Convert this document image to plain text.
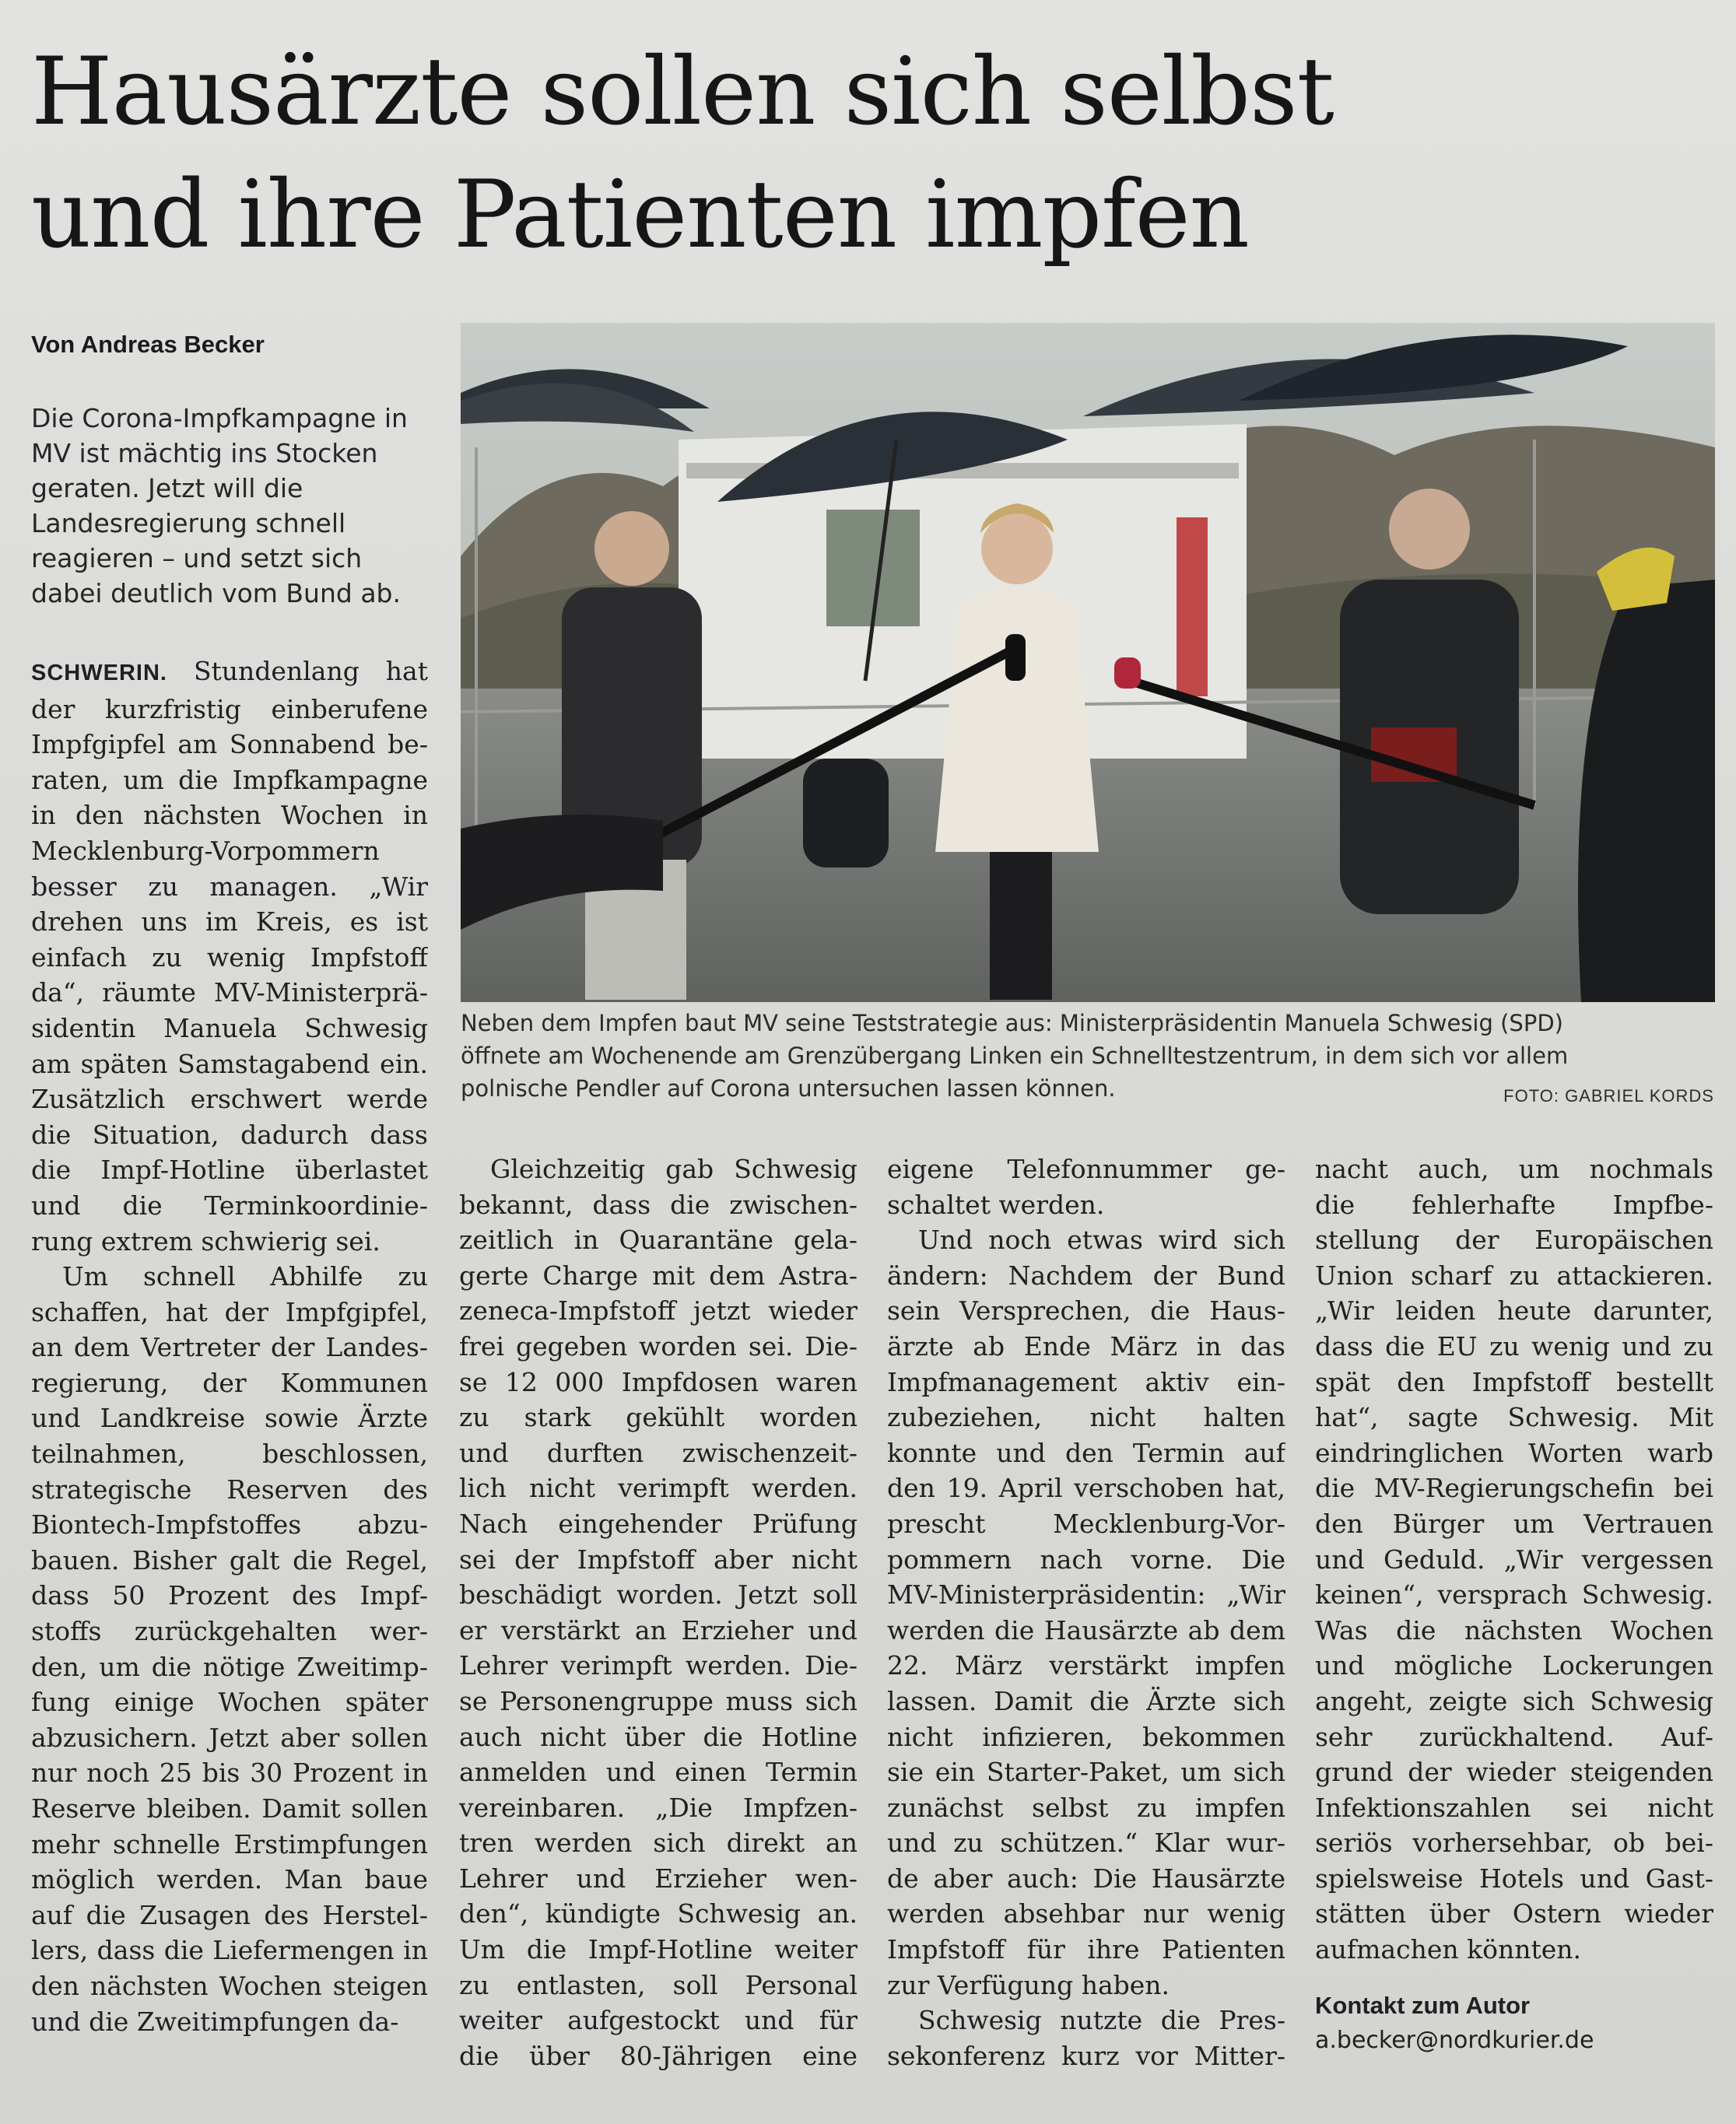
Hausärzte sollen sich selbst
und ihre Patienten impfen
Von Andreas Becker
Die Corona-Impfkampagne in
MV ist mächtig ins Stocken
geraten. Jetzt will die
Landesregierung schnell
reagieren – und setzt sich
dabei deutlich vom Bund ab.
Neben dem Impfen baut MV seine Teststrategie aus: Ministerpräsidentin Manuela Schwesig (SPD)
öffnete am Wochenende am Grenzübergang Linken ein Schnelltestzentrum, in dem sich vor allem
polnische Pendler auf Corona untersuchen lassen können.	FOTO: GABRIEL KORDS
SCHWERIN. Stundenlang hat
der kurzfristig einberufene
Impfgipfel am Sonnabend be-
raten, um die Impfkampagne
in den nächsten Wochen in
Mecklenburg-Vorpommern
besser zu managen. „Wir
drehen uns im Kreis, es ist
einfach zu wenig Impfstoff
da“, räumte MV-Ministerprä-
sidentin Manuela Schwesig
am späten Samstagabend ein.
Zusätzlich erschwert werde
die Situation, dadurch dass
die Impf-Hotline überlastet
und die Terminkoordinie-
rung extrem schwierig sei.
Um schnell Abhilfe zu
schaffen, hat der Impfgipfel,
an dem Vertreter der Landes-
regierung, der Kommunen
und Landkreise sowie Ärzte
teilnahmen, beschlossen,
strategische Reserven des
Biontech-Impfstoffes abzu-
bauen. Bisher galt die Regel,
dass 50 Prozent des Impf-
stoffs zurückgehalten wer-
den, um die nötige Zweitimp-
fung einige Wochen später
abzusichern. Jetzt aber sollen
nur noch 25 bis 30 Prozent in
Reserve bleiben. Damit sollen
mehr schnelle Erstimpfungen
möglich werden. Man baue
auf die Zusagen des Herstel-
lers, dass die Liefermengen in
den nächsten Wochen steigen
und die Zweitimpfungen da-
Gleichzeitig gab Schwesig
bekannt, dass die zwischen-
zeitlich in Quarantäne gela-
gerte Charge mit dem Astra-
zeneca-Impfstoff jetzt wieder
frei gegeben worden sei. Die-
se 12 000 Impfdosen waren
zu stark gekühlt worden
und durften zwischenzeit-
lich nicht verimpft werden.
Nach eingehender Prüfung
sei der Impfstoff aber nicht
beschädigt worden. Jetzt soll
er verstärkt an Erzieher und
Lehrer verimpft werden. Die-
se Personengruppe muss sich
auch nicht über die Hotline
anmelden und einen Termin
vereinbaren. „Die Impfzen-
tren werden sich direkt an
Lehrer und Erzieher wen-
den“, kündigte Schwesig an.
Um die Impf-Hotline weiter
zu entlasten, soll Personal
weiter aufgestockt und für
die über 80-Jährigen eine
eigene Telefonnummer ge-
schaltet werden.
Und noch etwas wird sich
ändern: Nachdem der Bund
sein Versprechen, die Haus-
ärzte ab Ende März in das
Impfmanagement aktiv ein-
zubeziehen, nicht halten
konnte und den Termin auf
den 19. April verschoben hat,
prescht Mecklenburg-Vor-
pommern nach vorne. Die
MV-Ministerpräsidentin: „Wir
werden die Hausärzte ab dem
22. März verstärkt impfen
lassen. Damit die Ärzte sich
nicht infizieren, bekommen
sie ein Starter-Paket, um sich
zunächst selbst zu impfen
und zu schützen.“ Klar wur-
de aber auch: Die Hausärzte
werden absehbar nur wenig
Impfstoff für ihre Patienten
zur Verfügung haben.
Schwesig nutzte die Pres-
sekonferenz kurz vor Mitter-
nacht auch, um nochmals
die fehlerhafte Impfbe-
stellung der Europäischen
Union scharf zu attackieren.
„Wir leiden heute darunter,
dass die EU zu wenig und zu
spät den Impfstoff bestellt
hat“, sagte Schwesig. Mit
eindringlichen Worten warb
die MV-Regierungschefin bei
den Bürger um Vertrauen
und Geduld. „Wir vergessen
keinen“, versprach Schwesig.
Was die nächsten Wochen
und mögliche Lockerungen
angeht, zeigte sich Schwesig
sehr zurückhaltend. Auf-
grund der wieder steigenden
Infektionszahlen sei nicht
seriös vorhersehbar, ob bei-
spielsweise Hotels und Gast-
stätten über Ostern wieder
aufmachen könnten.
Kontakt zum Autor
a.becker@nordkurier.de
